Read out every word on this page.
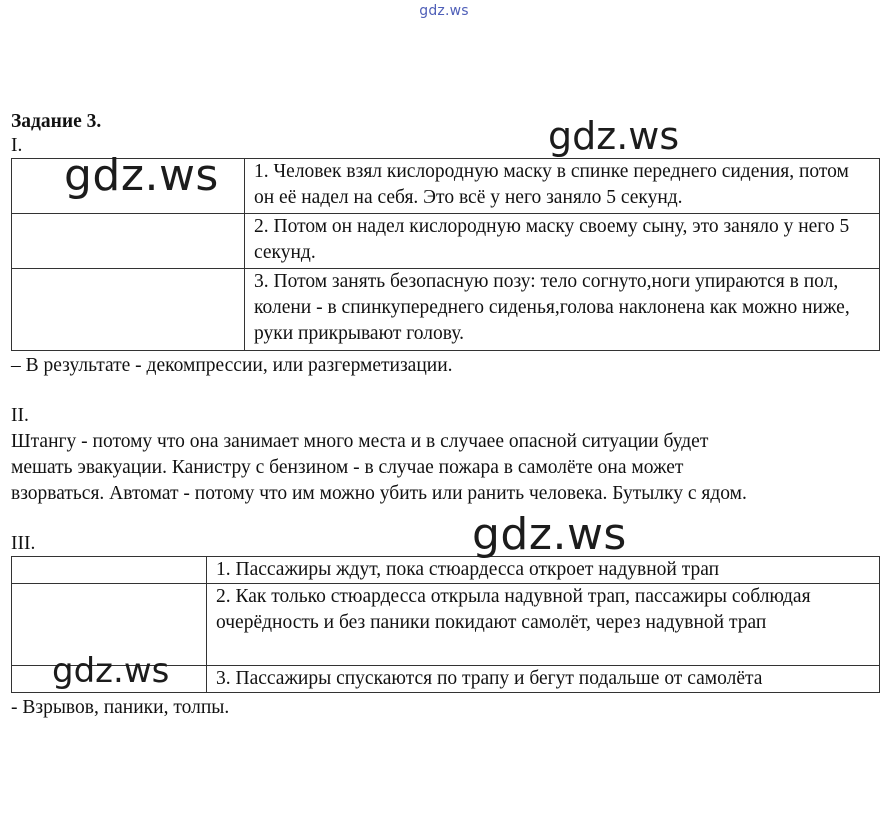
gdz.ws
Задание 3.
I.
	1. Человек взял кислородную маску в спинке переднего сидения, потом он её надел на себя. Это всё у него заняло 5 секунд.
	2. Потом он надел кислородную маску своему сыну, это заняло у него 5 секунд.
	3. Потом занять безопасную позу: тело согнуто,ноги упираются в пол, колени - в спинкупереднего сиденья,голова наклонена как можно ниже, руки прикрывают голову.
– В результате - декомпрессии, или разгерметизации.
II.
Штангу - потому что она занимает много места и в случаее опасной ситуации будет
мешать эвакуации. Канистру с бензином - в случае пожара в самолёте она может
взорваться. Автомат - потому что им можно убить или ранить человека. Бутылку с ядом.
III.
	1. Пассажиры ждут, пока стюардесса откроет надувной трап
	2. Как только стюардесса открыла надувной трап, пассажиры соблюдая очерёдность и без паники покидают самолёт, через надувной трап
	3. Пассажиры спускаются по трапу и бегут подальше от самолёта
- Взрывов, паники, толпы.
gdz.ws
gdz.ws
gdz.ws
gdz.ws
